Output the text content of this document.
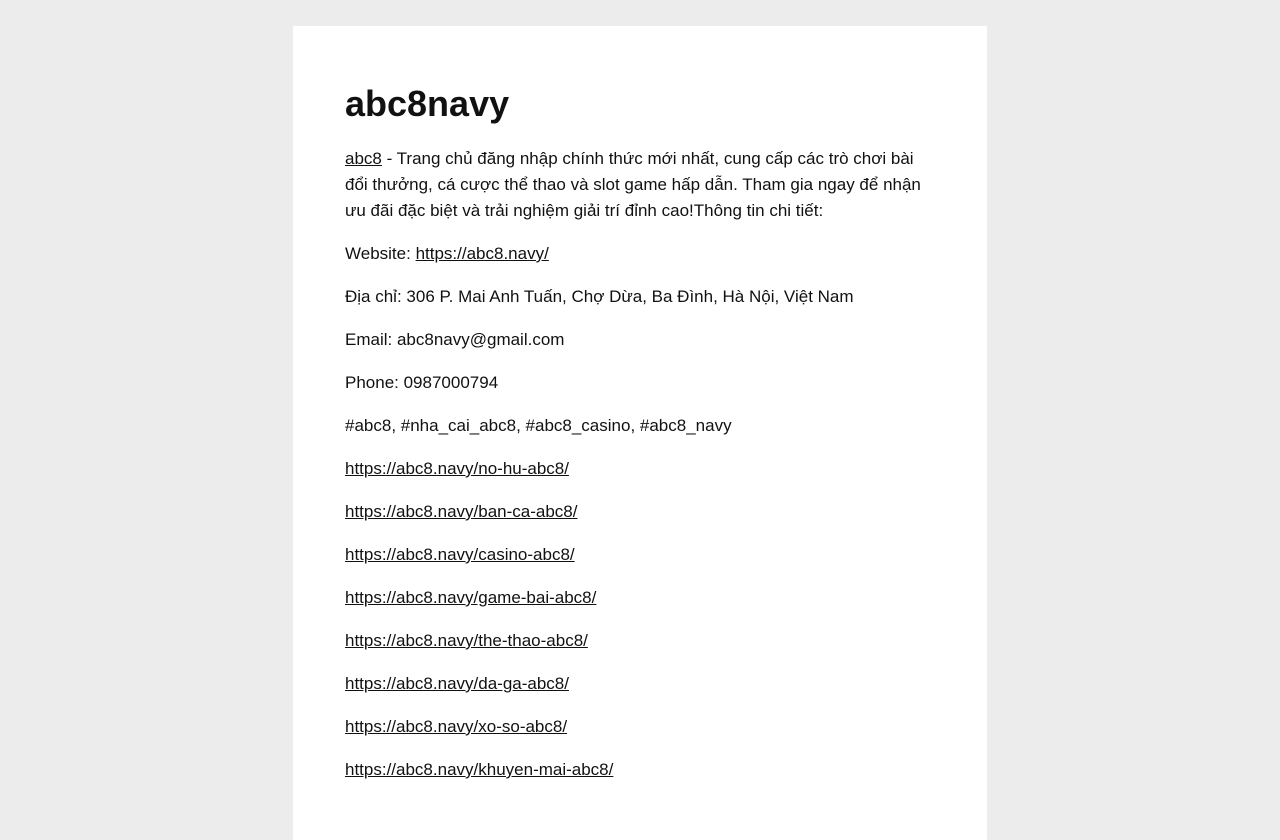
abc8navy

abc8 - Trang chủ đăng nhập chính thức mới nhất, cung cấp các trò chơi bài đổi thưởng, cá cược thể thao và slot game hấp dẫn. Tham gia ngay để nhận ưu đãi đặc biệt và trải nghiệm giải trí đỉnh cao!Thông tin chi tiết:

Website: https://abc8.navy/

Địa chỉ: 306 P. Mai Anh Tuấn, Chợ Dừa, Ba Đình, Hà Nội, Việt Nam

Email: abc8navy@gmail.com

Phone: 0987000794

#abc8, #nha_cai_abc8, #abc8_casino, #abc8_navy

https://abc8.navy/no-hu-abc8/

https://abc8.navy/ban-ca-abc8/

https://abc8.navy/casino-abc8/

https://abc8.navy/game-bai-abc8/

https://abc8.navy/the-thao-abc8/

https://abc8.navy/da-ga-abc8/

https://abc8.navy/xo-so-abc8/

https://abc8.navy/khuyen-mai-abc8/
